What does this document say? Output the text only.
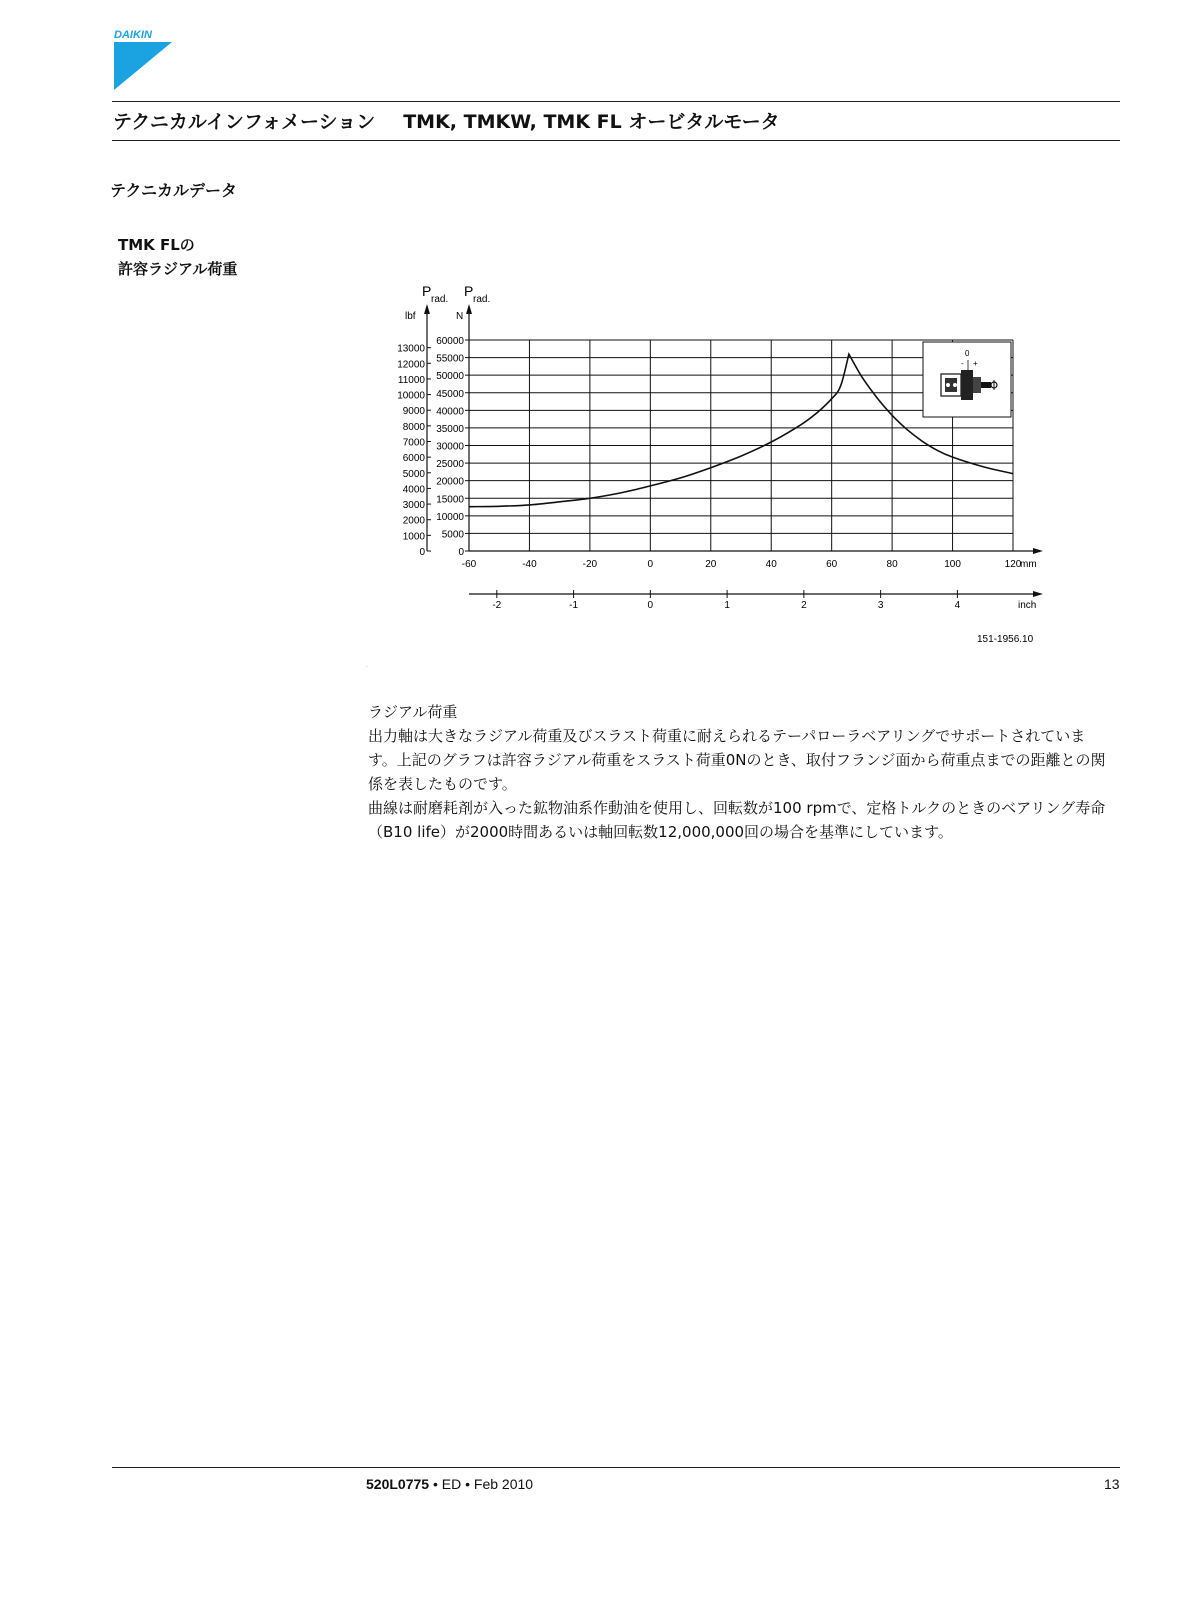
DAIKIN
テクニカルインフォメーション TMK, TMKW, TMK FL オービタルモータ
テクニカルデータ
TMK FLの
許容ラジアル荷重
P
rad.
P
rad.
lbf	N
mm
inch
151-1956.10
0
5000
10000
15000
20000
25000
30000
35000
40000
45000
50000
55000
60000
0
1000
2000
3000
4000
5000
6000
7000
8000
9000
10000
11000
12000
13000
-60	-40	-20	0	20	40	60	80	100	120
-2	-1	0	1	2	3	4
0
- +
.

ラジアル荷重

出力軸は大きなラジアル荷重及びスラスト荷重に耐えられるテーパローラベアリングでサポートされています。上記のグラフは許容ラジアル荷重をスラスト荷重0Nのとき、取付フランジ面から荷重点までの距離との関係を表したものです。

曲線は耐磨耗剤が入った鉱物油系作動油を使用し、回転数が100 rpmで、定格トルクのときのベアリング寿命（B10 life）が2000時間あるいは軸回転数12,000,000回の場合を基準にしています。

520L0775 • ED • Feb 2010	13
